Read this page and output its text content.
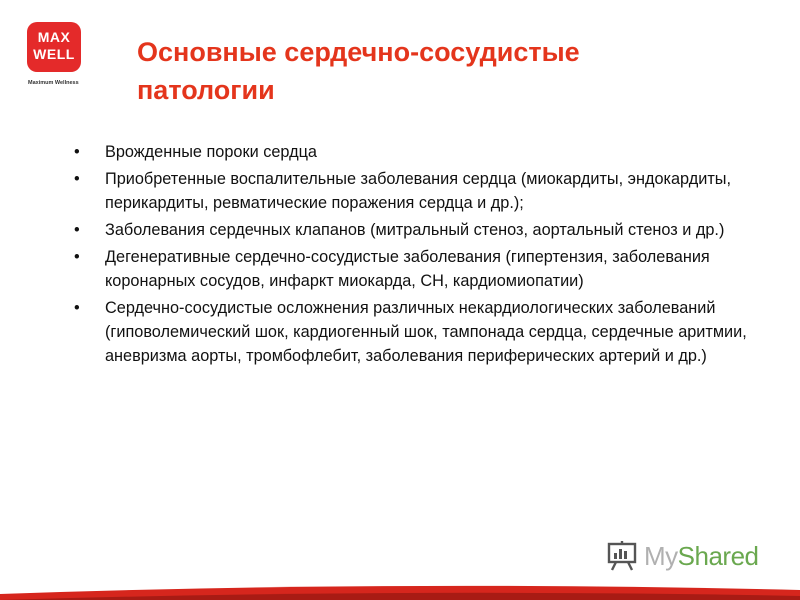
MAX
WELL
Maximum Wellness
Основные сердечно-сосудистые патологии
• Врожденные пороки сердца
• Приобретенные воспалительные заболевания сердца (миокардиты, эндокардиты, перикардиты, ревматические поражения сердца и др.);
• Заболевания сердечных клапанов (митральный стеноз, аортальный стеноз и др.)
• Дегенеративные сердечно-сосудистые заболевания (гипертензия, заболевания коронарных сосудов, инфаркт миокарда, СН, кардиомиопатии)
• Сердечно-сосудистые осложнения различных некардиологических заболеваний (гиповолемический шок, кардиогенный шок, тампонада сердца, сердечные аритмии, аневризма аорты, тромбофлебит, заболевания периферических артерий и др.)
MyShared
